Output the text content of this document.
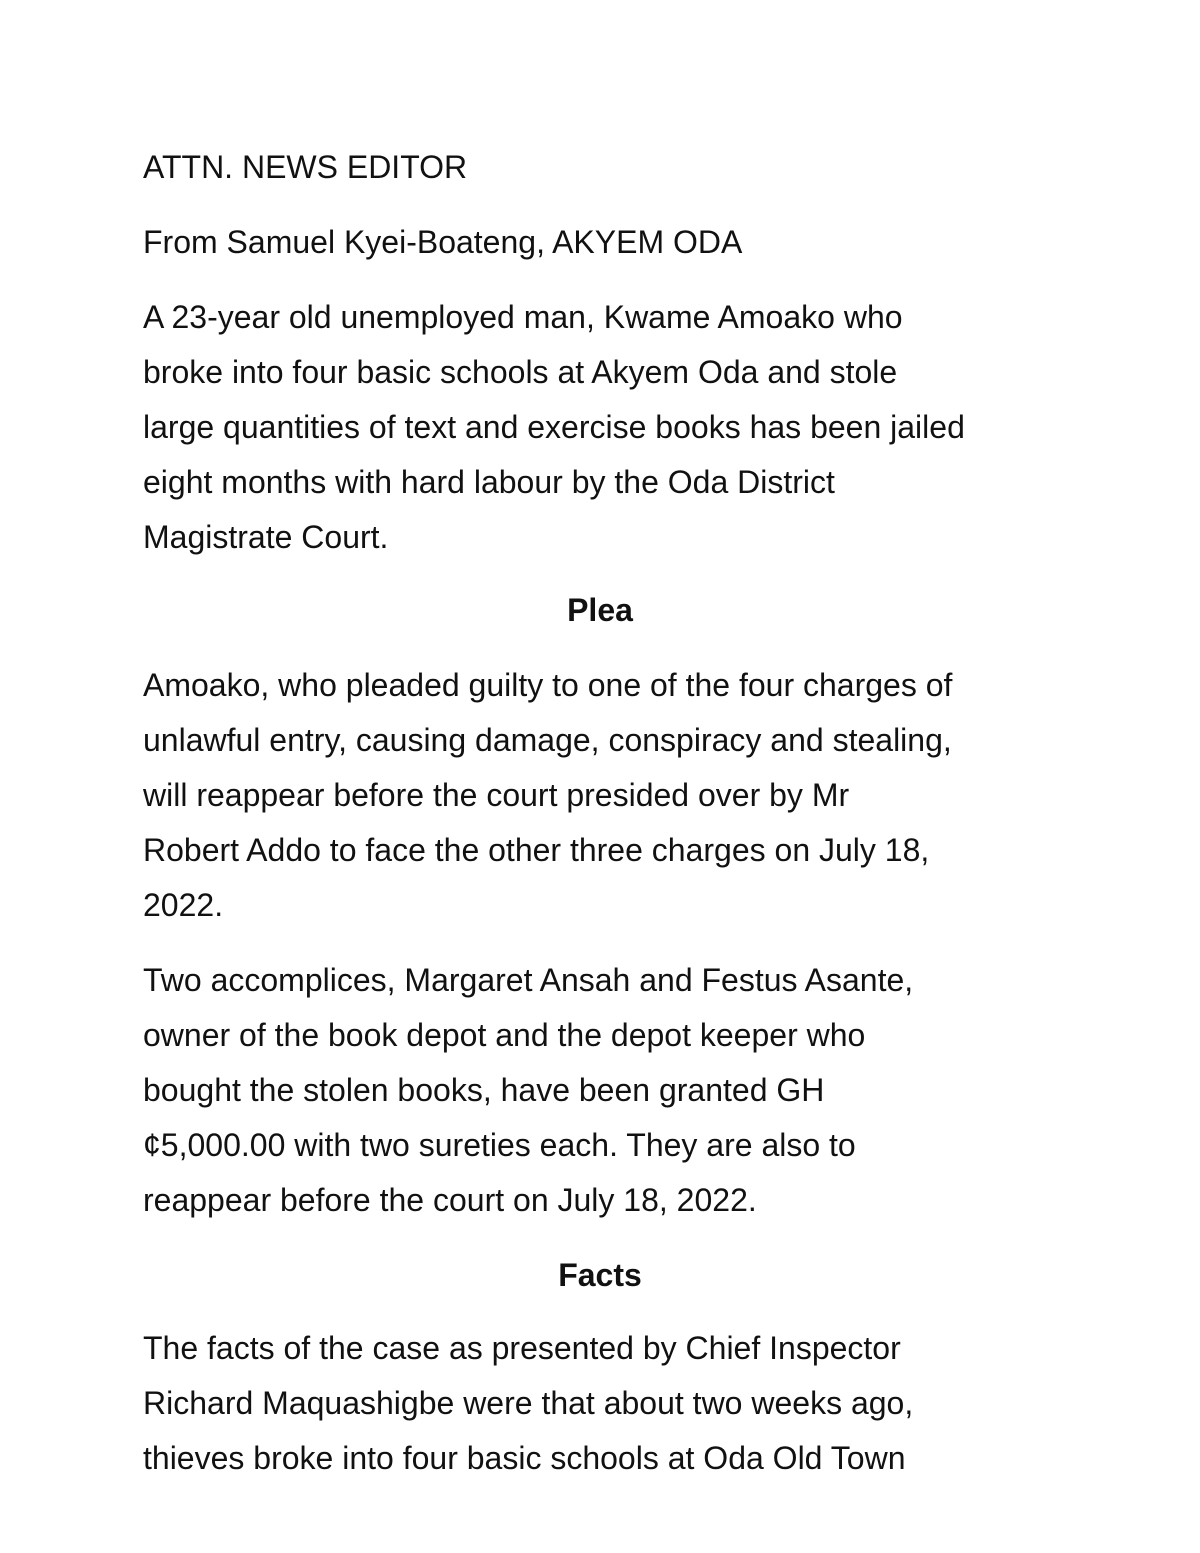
ATTN. NEWS EDITOR
From Samuel Kyei-Boateng, AKYEM ODA
A 23-year old unemployed man, Kwame Amoako who
broke into four basic schools at Akyem Oda and stole
large quantities of text and exercise books has been jailed
eight months with hard labour by the Oda District
Magistrate Court.
Plea
Amoako, who pleaded guilty to one of the four charges of
unlawful entry, causing damage, conspiracy and stealing,
will reappear before the court presided over by Mr
Robert Addo to face the other three charges on July 18,
2022.
Two accomplices, Margaret Ansah and Festus Asante,
owner of the book depot and the depot keeper who
bought the stolen books, have been granted GH
¢5,000.00 with two sureties each. They are also to
reappear before the court on July 18, 2022.
Facts
The facts of the case as presented by Chief Inspector
Richard Maquashigbe were that about two weeks ago,
thieves broke into four basic schools at Oda Old Town
